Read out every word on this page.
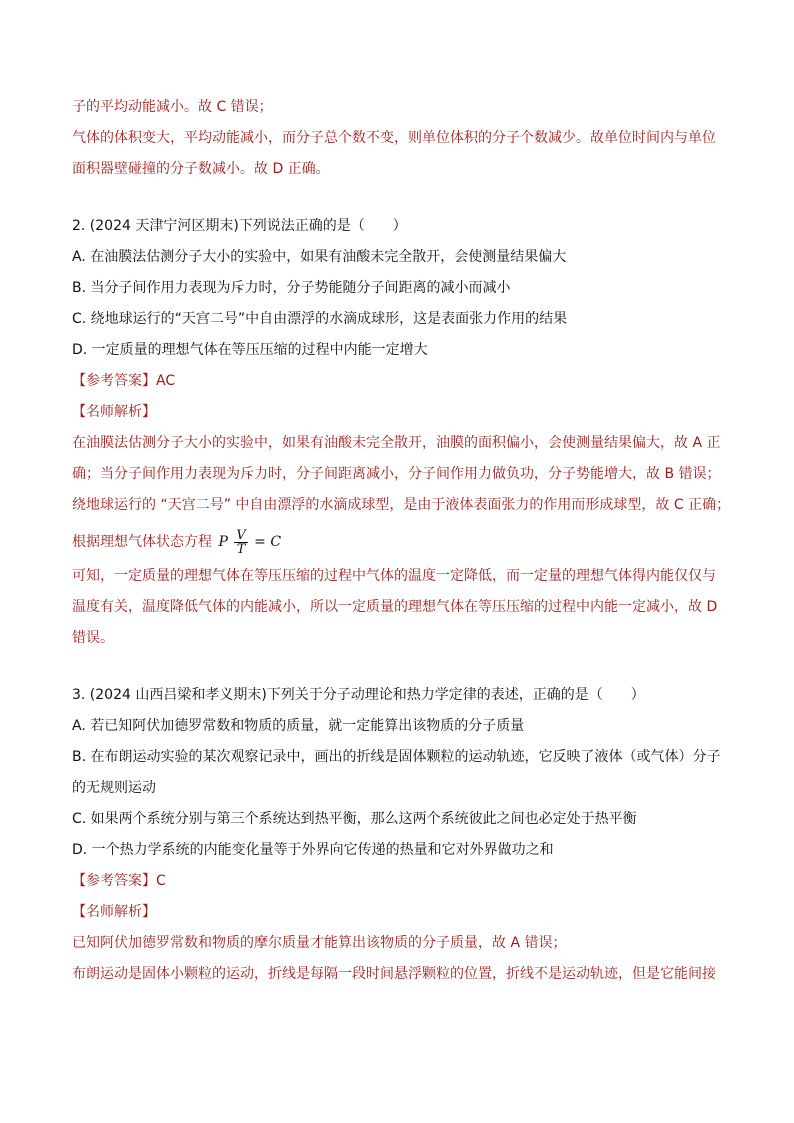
子的平均动能减小。故 C 错误；
气体的体积变大，平均动能减小，而分子总个数不变，则单位体积的分子个数减少。故单位时间内与单位
面积器壁碰撞的分子数减小。故 D 正确。
2. (2024 天津宁河区期末)下列说法正确的是（　　）
A. 在油膜法估测分子大小的实验中，如果有油酸未完全散开，会使测量结果偏大
B. 当分子间作用力表现为斥力时，分子势能随分子间距离的减小而减小
C. 绕地球运行的“天宫二号”中自由漂浮的水滴成球形，这是表面张力作用的结果
D. 一定质量的理想气体在等压压缩的过程中内能一定增大
【参考答案】AC
【名师解析】
在油膜法估测分子大小的实验中，如果有油酸未完全散开，油膜的面积偏小，会使测量结果偏大，故 A 正
确；当分子间作用力表现为斥力时，分子间距离减小，分子间作用力做负功，分子势能增大，故 B 错误；
绕地球运行的 “天宫二号” 中自由漂浮的水滴成球型，是由于液体表面张力的作用而形成球型，故 C 正确；
根据理想气体状态方程 P $\frac{V}{T} = C$
可知，一定质量的理想气体在等压压缩的过程中气体的温度一定降低，而一定量的理想气体得内能仅仅与
温度有关，温度降低气体的内能减小，所以一定质量的理想气体在等压压缩的过程中内能一定减小，故 D
错误。
3. (2024 山西吕梁和孝义期末)下列关于分子动理论和热力学定律的表述，正确的是（　　）
A. 若已知阿伏加德罗常数和物质的质量，就一定能算出该物质的分子质量
B. 在布朗运动实验的某次观察记录中，画出的折线是固体颗粒的运动轨迹，它反映了液体（或气体）分子
的无规则运动
C. 如果两个系统分别与第三个系统达到热平衡，那么这两个系统彼此之间也必定处于热平衡
D. 一个热力学系统的内能变化量等于外界向它传递的热量和它对外界做功之和
【参考答案】C
【名师解析】
已知阿伏加德罗常数和物质的摩尔质量才能算出该物质的分子质量，故 A 错误；
布朗运动是固体小颗粒的运动，折线是每隔一段时间悬浮颗粒的位置，折线不是运动轨迹，但是它能间接
